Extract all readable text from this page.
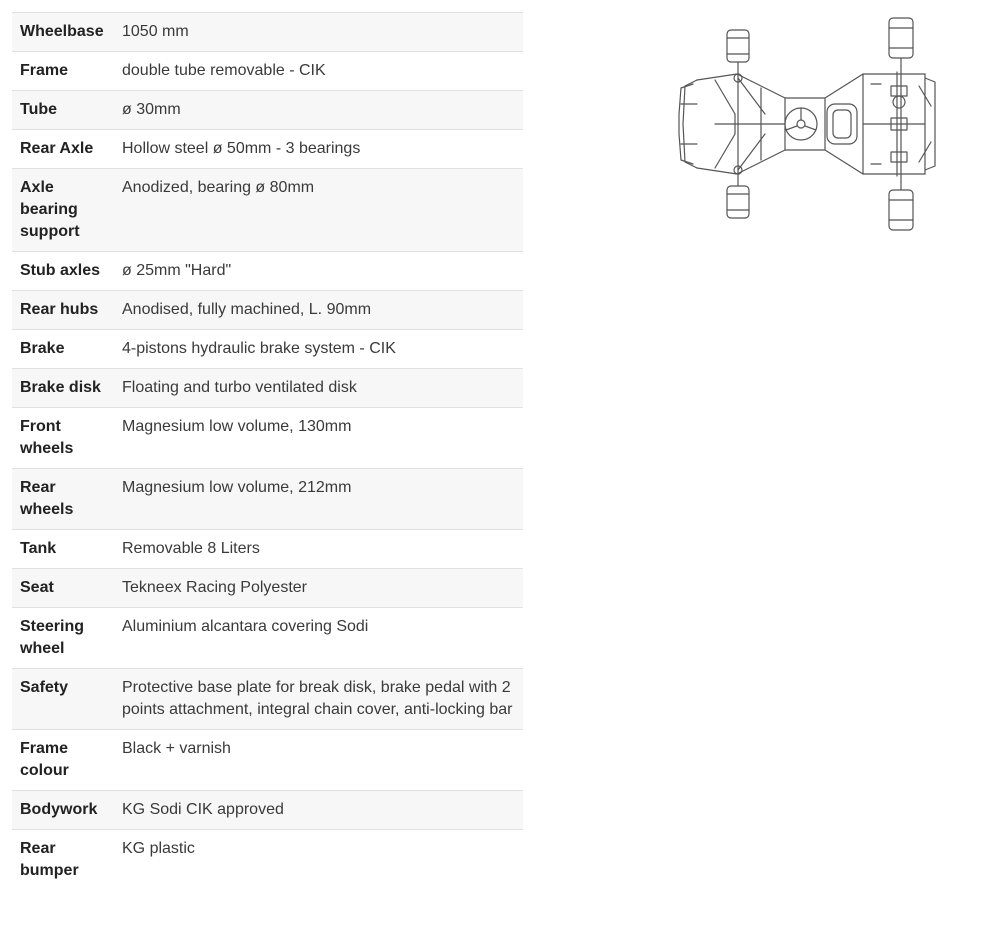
Wheelbase	1050 mm
Frame	double tube removable - CIK
Tube	ø 30mm
Rear Axle	Hollow steel ø 50mm - 3 bearings
Axle bearing support	Anodized, bearing ø 80mm
Stub axles	ø 25mm "Hard"
Rear hubs	Anodised, fully machined, L. 90mm
Brake	4-pistons hydraulic brake system - CIK
Brake disk	Floating and turbo ventilated disk
Front wheels	Magnesium low volume, 130mm
Rear wheels	Magnesium low volume, 212mm
Tank	Removable 8 Liters
Seat	Tekneex Racing Polyester
Steering wheel	Aluminium alcantara covering Sodi
Safety	Protective base plate for break disk, brake pedal with 2 points attachment, integral chain cover, anti-locking bar
Frame colour	Black + varnish
Bodywork	KG Sodi CIK approved
Rear bumper	KG plastic
